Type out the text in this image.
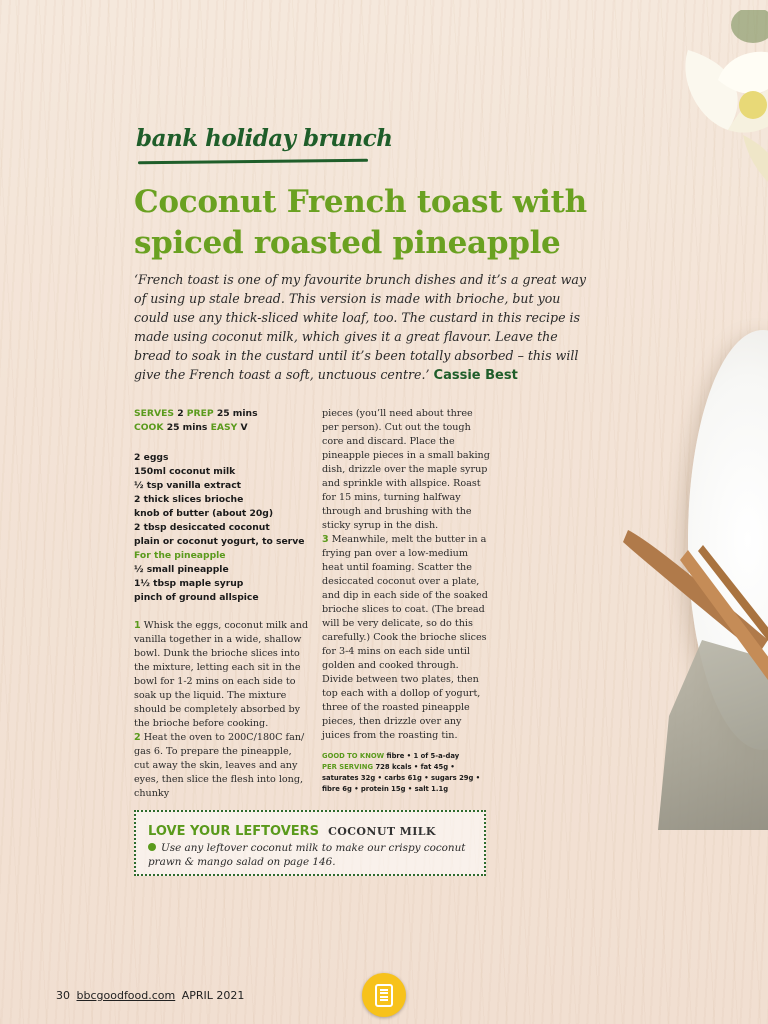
bank holiday brunch
Coconut French toast with spiced roasted pineapple

‘French toast is one of my favourite brunch dishes and it’s a great way of using up stale bread. This version is made with brioche, but you could use any thick-sliced white loaf, too. The custard in this recipe is made using coconut milk, which gives it a great flavour. Leave the bread to soak in the custard until it’s been totally absorbed – this will give the French toast a soft, unctuous centre.’ Cassie Best

SERVES 2 PREP 25 mins
COOK 25 mins EASY V
2 eggs
150ml coconut milk
½ tsp vanilla extract
2 thick slices brioche
knob of butter (about 20g)
2 tbsp desiccated coconut
plain or coconut yogurt, to serve
For the pineapple
½ small pineapple
1½ tbsp maple syrup
pinch of ground allspice

1 Whisk the eggs, coconut milk and vanilla together in a wide, shallow bowl. Dunk the brioche slices into the mixture, letting each sit in the bowl for 1-2 mins on each side to soak up the liquid. The mixture should be completely absorbed by the brioche before cooking.

2 Heat the oven to 200C/180C fan/ gas 6. To prepare the pineapple, cut away the skin, leaves and any eyes, then slice the flesh into long, chunky

pieces (you’ll need about three per person). Cut out the tough core and discard. Place the pineapple pieces in a small baking dish, drizzle over the maple syrup and sprinkle with allspice. Roast for 15 mins, turning halfway through and brushing with the sticky syrup in the dish.

3 Meanwhile, melt the butter in a frying pan over a low-medium heat until foaming. Scatter the desiccated coconut over a plate, and dip in each side of the soaked brioche slices to coat. (The bread will be very delicate, so do this carefully.) Cook the brioche slices for 3-4 mins on each side until golden and cooked through. Divide between two plates, then top each with a dollop of yogurt, three of the roasted pineapple pieces, then drizzle over any juices from the roasting tin.

GOOD TO KNOW fibre • 1 of 5-a-day
PER SERVING 728 kcals • fat 45g • saturates 32g • carbs 61g • sugars 29g • fibre 6g • protein 15g • salt 1.1g
LOVE YOUR LEFTOVERS COCONUT MILK
Use any leftover coconut milk to make our crispy coconut prawn & mango salad on page 146.
30 bbcgoodfood.com APRIL 2021
